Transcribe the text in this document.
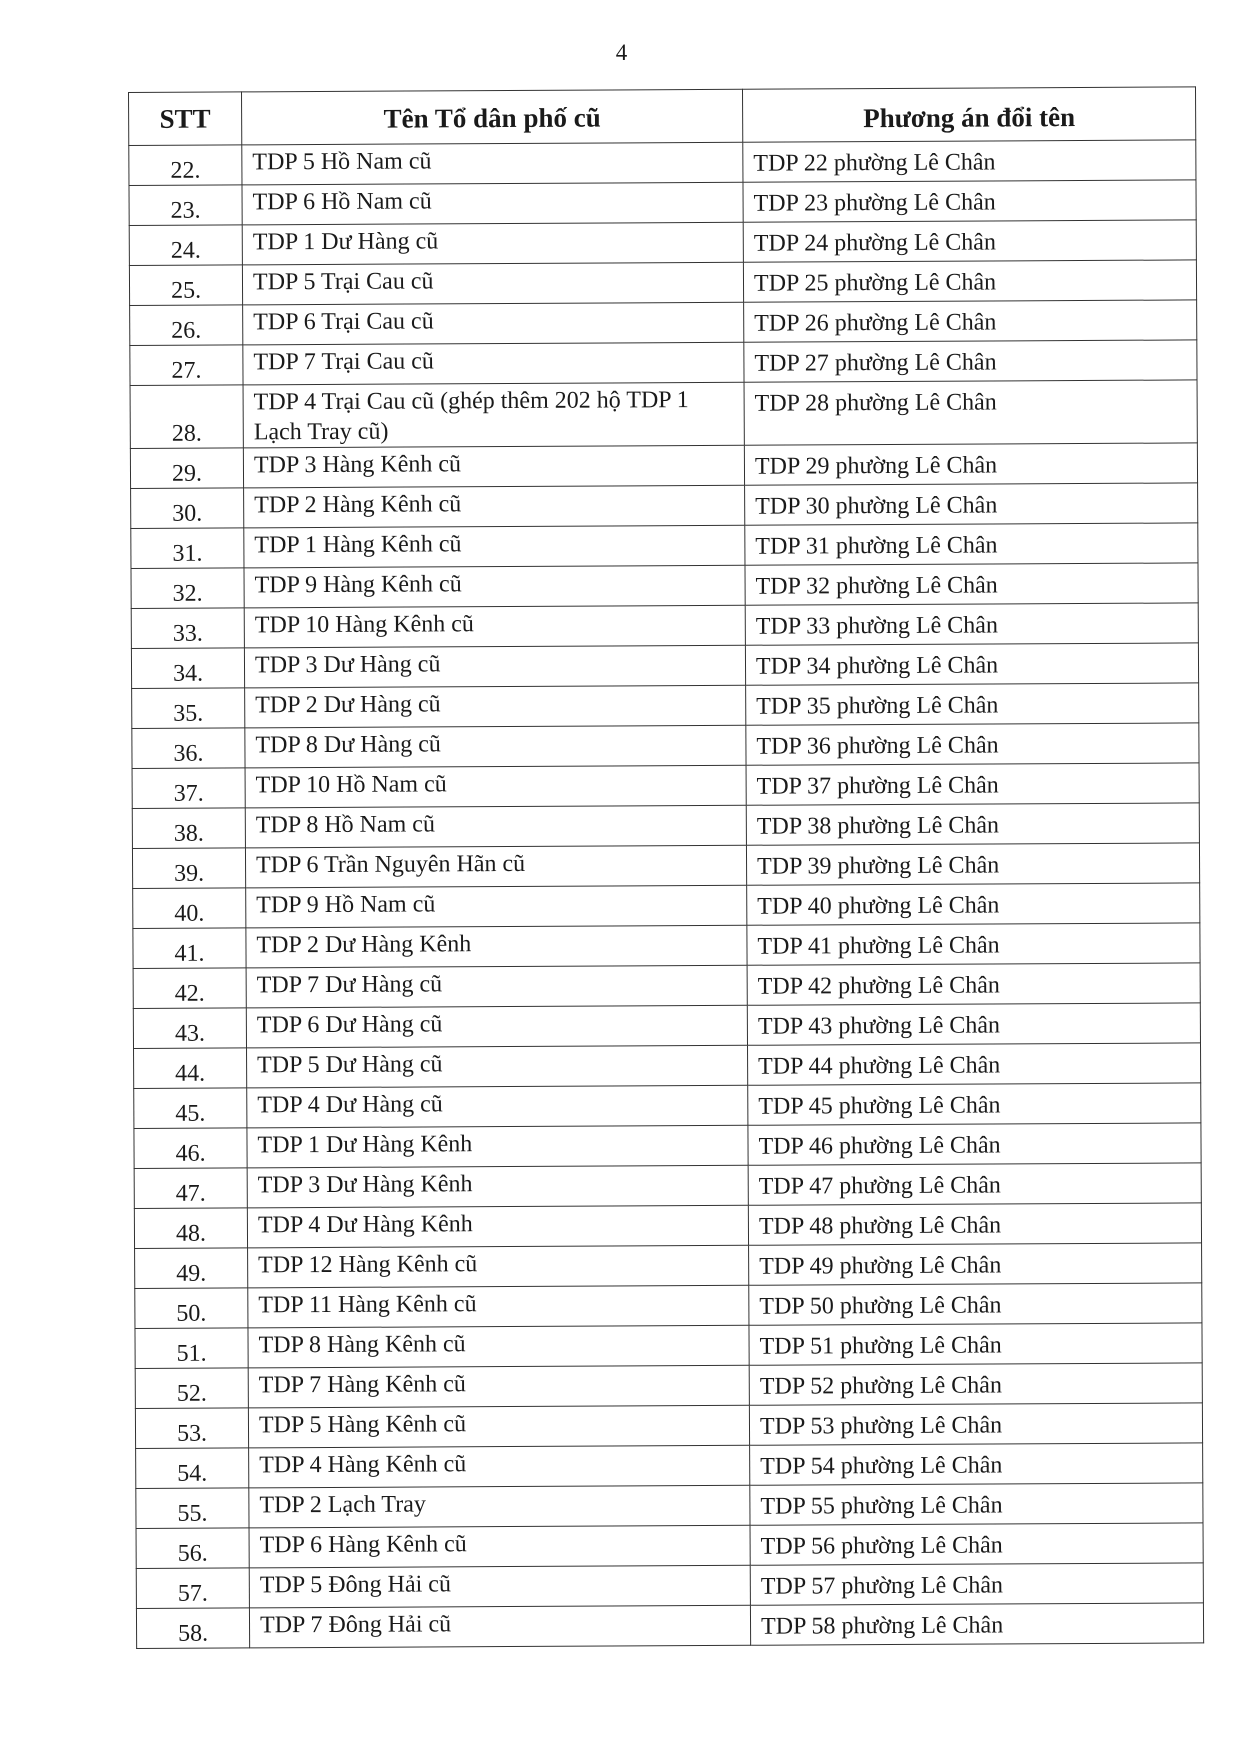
4
STT	Tên Tổ dân phố cũ	Phương án đổi tên
22.	TDP 5 Hồ Nam cũ	TDP 22 phường Lê Chân
23.	TDP 6 Hồ Nam cũ	TDP 23 phường Lê Chân
24.	TDP 1 Dư Hàng cũ	TDP 24 phường Lê Chân
25.	TDP 5 Trại Cau cũ	TDP 25 phường Lê Chân
26.	TDP 6 Trại Cau cũ	TDP 26 phường Lê Chân
27.	TDP 7 Trại Cau cũ	TDP 27 phường Lê Chân
28.	TDP 4 Trại Cau cũ (ghép thêm 202 hộ TDP 1 Lạch Tray cũ)	TDP 28 phường Lê Chân
29.	TDP 3 Hàng Kênh cũ	TDP 29 phường Lê Chân
30.	TDP 2 Hàng Kênh cũ	TDP 30 phường Lê Chân
31.	TDP 1 Hàng Kênh cũ	TDP 31 phường Lê Chân
32.	TDP 9 Hàng Kênh cũ	TDP 32 phường Lê Chân
33.	TDP 10 Hàng Kênh cũ	TDP 33 phường Lê Chân
34.	TDP 3 Dư Hàng cũ	TDP 34 phường Lê Chân
35.	TDP 2 Dư Hàng cũ	TDP 35 phường Lê Chân
36.	TDP 8 Dư Hàng cũ	TDP 36 phường Lê Chân
37.	TDP 10 Hồ Nam cũ	TDP 37 phường Lê Chân
38.	TDP 8 Hồ Nam cũ	TDP 38 phường Lê Chân
39.	TDP 6 Trần Nguyên Hãn cũ	TDP 39 phường Lê Chân
40.	TDP 9 Hồ Nam cũ	TDP 40 phường Lê Chân
41.	TDP 2 Dư Hàng Kênh	TDP 41 phường Lê Chân
42.	TDP 7 Dư Hàng cũ	TDP 42 phường Lê Chân
43.	TDP 6 Dư Hàng cũ	TDP 43 phường Lê Chân
44.	TDP 5 Dư Hàng cũ	TDP 44 phường Lê Chân
45.	TDP 4 Dư Hàng cũ	TDP 45 phường Lê Chân
46.	TDP 1 Dư Hàng Kênh	TDP 46 phường Lê Chân
47.	TDP 3 Dư Hàng Kênh	TDP 47 phường Lê Chân
48.	TDP 4 Dư Hàng Kênh	TDP 48 phường Lê Chân
49.	TDP 12 Hàng Kênh cũ	TDP 49 phường Lê Chân
50.	TDP 11 Hàng Kênh cũ	TDP 50 phường Lê Chân
51.	TDP 8 Hàng Kênh cũ	TDP 51 phường Lê Chân
52.	TDP 7 Hàng Kênh cũ	TDP 52 phường Lê Chân
53.	TDP 5 Hàng Kênh cũ	TDP 53 phường Lê Chân
54.	TDP 4 Hàng Kênh cũ	TDP 54 phường Lê Chân
55.	TDP 2 Lạch Tray	TDP 55 phường Lê Chân
56.	TDP 6 Hàng Kênh cũ	TDP 56 phường Lê Chân
57.	TDP 5 Đông Hải cũ	TDP 57 phường Lê Chân
58.	TDP 7 Đông Hải cũ	TDP 58 phường Lê Chân
